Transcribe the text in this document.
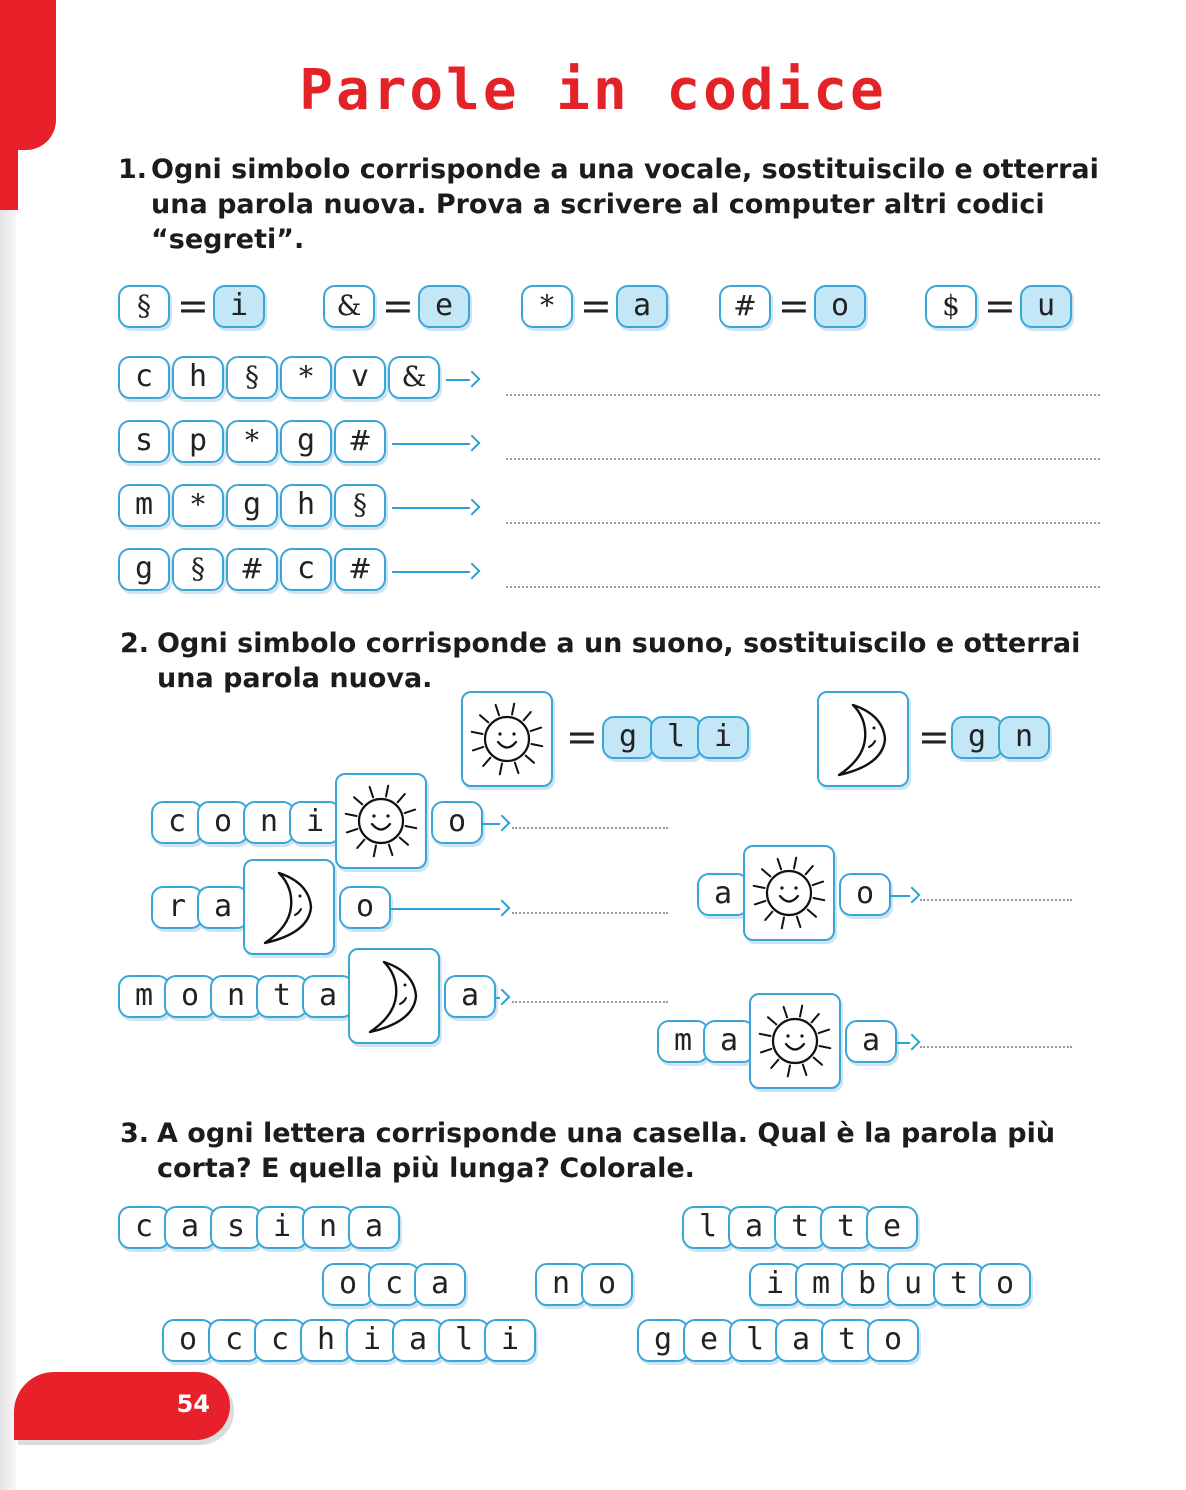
54
Parole in codice
1. Ogni simbolo corrisponde a una vocale, sostituiscilo e otterrai una parola nuova. Prova a scrivere al computer altri codici “segreti”.
2. Ogni simbolo corrisponde a un suono, sostituiscilo e otterrai una parola nuova.
3. A ogni lettera corrisponde una casella. Qual è la parola più corta? E quella più lunga? Colorale.
§ = i	& = e	* = a	# = o	$ = u
c	h	§	*	v	&
s	p	*	g	#
m	*	g	h	§
g	§	#	c	#
= g l i	= g n
c o n i	o
r a	o
m o n t a	a
a	o
m a	a
c a s i n a	l a t t e
o c a	n o	i m b u t o
o c c h i a l i	g e l a t o
